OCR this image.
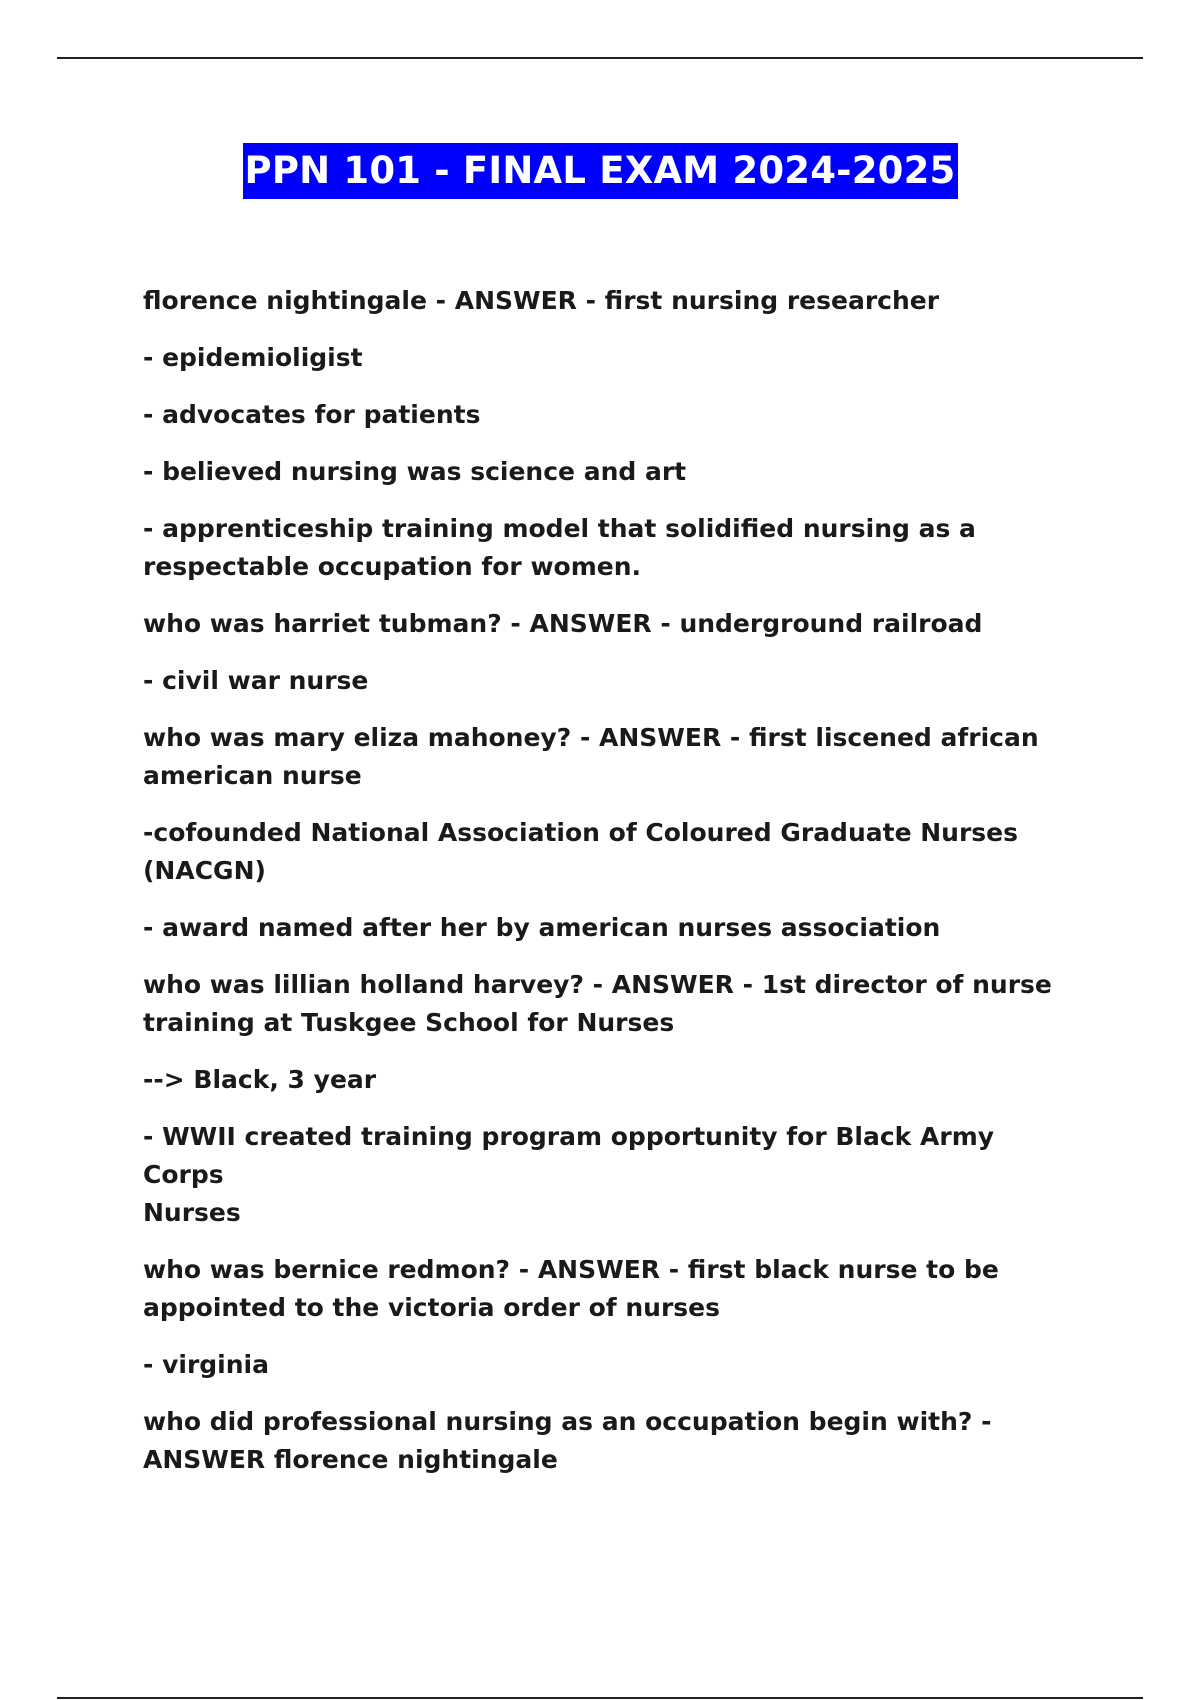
PPN 101 - FINAL EXAM 2024-2025

florence nightingale - ANSWER - first nursing researcher

- epidemioligist

- advocates for patients

- believed nursing was science and art

- apprenticeship training model that solidified nursing as a
respectable occupation for women.

who was harriet tubman? - ANSWER - underground railroad

- civil war nurse

who was mary eliza mahoney? - ANSWER - first liscened african
american nurse

-cofounded National Association of Coloured Graduate Nurses
(NACGN)

- award named after her by american nurses association

who was lillian holland harvey? - ANSWER - 1st director of nurse
training at Tuskgee School for Nurses

--> Black, 3 year

- WWII created training program opportunity for Black Army Corps
Nurses

who was bernice redmon? - ANSWER - first black nurse to be
appointed to the victoria order of nurses

- virginia

who did professional nursing as an occupation begin with? -
ANSWER florence nightingale
